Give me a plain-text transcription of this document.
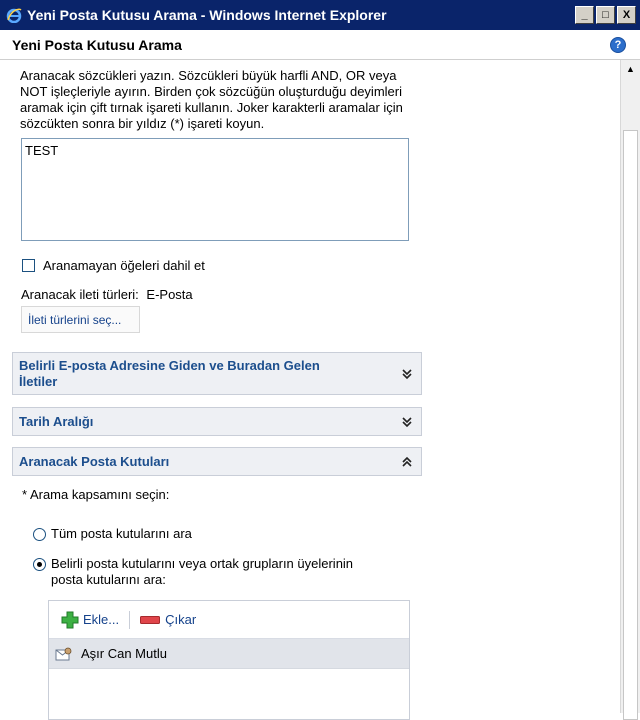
Yeni Posta Kutusu Arama - Windows Internet Explorer	_	□	X
Yeni Posta Kutusu Arama	?
Aranacak sözcükleri yazın. Sözcükleri büyük harfli AND, OR veya NOT işleçleriyle ayırın. Birden çok sözcüğün oluşturduğu deyimleri aramak için çift tırnak işareti kullanın. Joker karakterli aramalar için sözcükten sonra bir yıldız (*) işareti koyun.
TEST
Aranamayan öğeleri dahil et
Aranacak ileti türleri: E-Posta
İleti türlerini seç...
Belirli E-posta Adresine Giden ve Buradan Gelen İletiler
Tarih Aralığı
Aranacak Posta Kutuları
* Arama kapsamını seçin:
Tüm posta kutularını ara
Belirli posta kutularını veya ortak grupların üyelerinin posta kutularını ara:
Ekle...	Çıkar
Aşır Can Mutlu
▲
